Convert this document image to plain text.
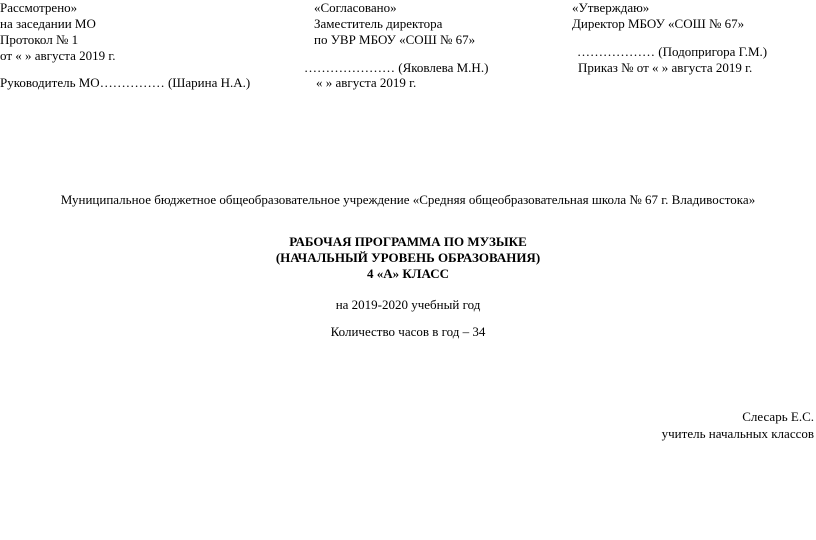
Рассмотрено»
на заседании МО
Протокол № 1
от « » августа 2019 г.
Руководитель МО…………… (Шарина Н.А.)
«Согласовано»
Заместитель директора
по УВР МБОУ «СОШ № 67»
………………… (Яковлева М.Н.)
« » августа 2019 г.
«Утверждаю»
Директор МБОУ «СОШ № 67»
……………… (Подопригора Г.М.)
Приказ № от « » августа 2019 г.
Муниципальное бюджетное общеобразовательное учреждение «Средняя общеобразовательная школа № 67 г. Владивостока»
РАБОЧАЯ ПРОГРАММА ПО МУЗЫКЕ
(НАЧАЛЬНЫЙ УРОВЕНЬ ОБРАЗОВАНИЯ)
4 «А» КЛАСС
на 2019-2020 учебный год
Количество часов в год – 34
Слесарь Е.С.
учитель начальных классов
